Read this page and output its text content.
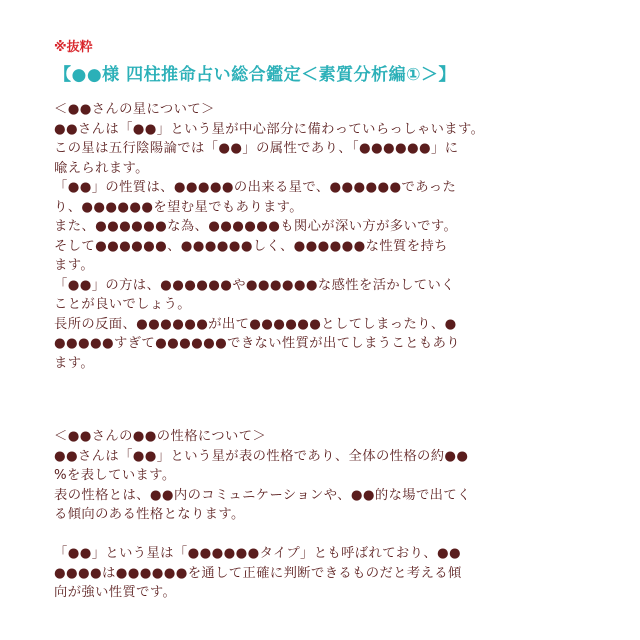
※抜粋
【●●様 四柱推命占い総合鑑定＜素質分析編①＞】
＜●●さんの星について＞
●●さんは「●●」という星が中心部分に備わっていらっしゃいます。
この星は五行陰陽論では「●●」の属性であり、「●●●●●●」に
喩えられます。
「●●」の性質は、●●●●●の出来る星で、●●●●●●であった
り、●●●●●●を望む星でもあります。
また、●●●●●●な為、●●●●●●も関心が深い方が多いです。
そして●●●●●●、●●●●●●しく、●●●●●●な性質を持ち
ます。
「●●」の方は、●●●●●●や●●●●●●な感性を活かしていく
ことが良いでしょう。
長所の反面、●●●●●●が出て●●●●●●としてしまったり、●
●●●●●すぎて●●●●●●できない性質が出てしまうこともあり
ます。
＜●●さんの●●の性格について＞
●●さんは「●●」という星が表の性格であり、全体の性格の約●●
%を表しています。
表の性格とは、●●内のコミュニケーションや、●●的な場で出てく
る傾向のある性格となります。
「●●」という星は「●●●●●●タイプ」とも呼ばれており、●●
●●●●は●●●●●●を通して正確に判断できるものだと考える傾
向が強い性質です。
